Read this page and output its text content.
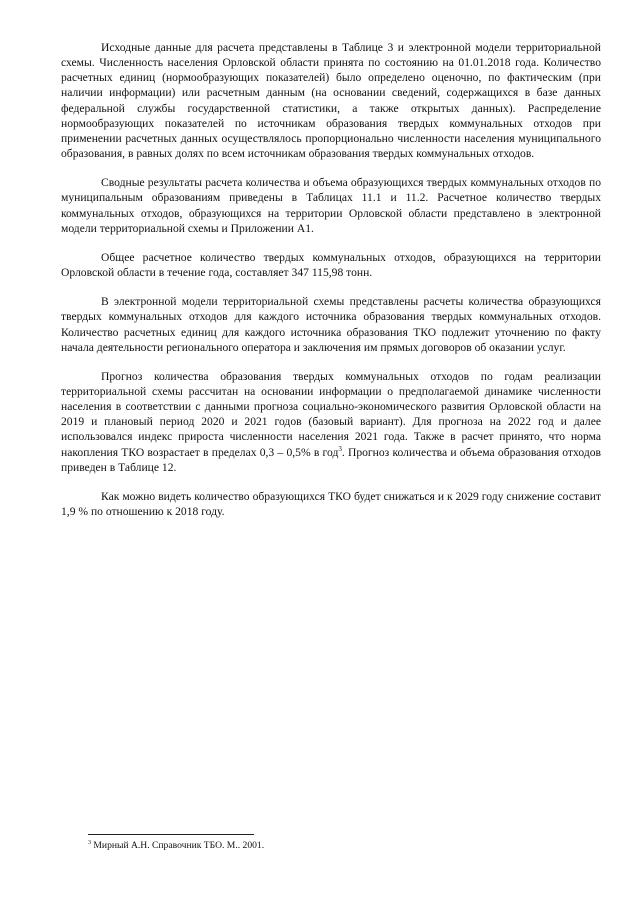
Исходные данные для расчета представлены в Таблице 3 и электронной модели территориальной схемы. Численность населения Орловской области принята по состоянию на 01.01.2018 года. Количество расчетных единиц (нормообразующих показателей) было определено оценочно, по фактическим (при наличии информации) или расчетным данным (на основании сведений, содержащихся в базе данных федеральной службы государственной статистики, а также открытых данных). Распределение нормообразующих показателей по источникам образования твердых коммунальных отходов при применении расчетных данных осуществлялось пропорционально численности населения муниципального образования, в равных долях по всем источникам образования твердых коммунальных отходов.

Сводные результаты расчета количества и объема образующихся твердых коммунальных отходов по муниципальным образованиям приведены в Таблицах 11.1 и 11.2. Расчетное количество твердых коммунальных отходов, образующихся на территории Орловской области представлено в электронной модели территориальной схемы и Приложении А1.

Общее расчетное количество твердых коммунальных отходов, образующихся на территории Орловской области в течение года, составляет 347 115,98 тонн.

В электронной модели территориальной схемы представлены расчеты количества образующихся твердых коммунальных отходов для каждого источника образования твердых коммунальных отходов. Количество расчетных единиц для каждого источника образования ТКО подлежит уточнению по факту начала деятельности регионального оператора и заключения им прямых договоров об оказании услуг.

Прогноз количества образования твердых коммунальных отходов по годам реализации территориальной схемы рассчитан на основании информации о предполагаемой динамике численности населения в соответствии с данными прогноза социально-экономического развития Орловской области на 2019 и плановый период 2020 и 2021 годов (базовый вариант). Для прогноза на 2022 год и далее использовался индекс прироста численности населения 2021 года. Также в расчет принято, что норма накопления ТКО возрастает в пределах 0,3 – 0,5% в год$^3$. Прогноз количества и объема образования отходов приведен в Таблице 12.

Как можно видеть количество образующихся ТКО будет снижаться и к 2029 году снижение составит 1,9 % по отношению к 2018 году.

$^3$ Мирный А.Н. Справочник ТБО. М.. 2001.
